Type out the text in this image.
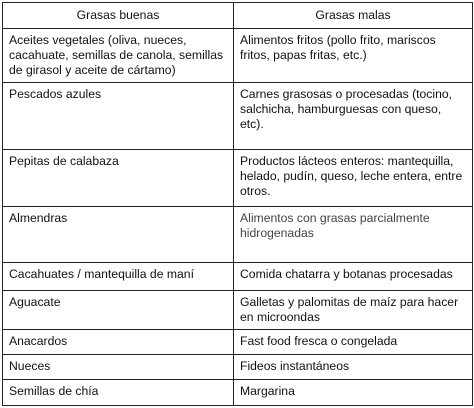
Grasas buenas	Grasas malas
Aceites vegetales (oliva, nueces, cacahuate, semillas de canola, semillas de girasol y aceite de cártamo)	Alimentos fritos (pollo frito, mariscos fritos, papas fritas, etc.)
Pescados azules	Carnes grasosas o procesadas (tocino, salchicha, hamburguesas con queso, etc).
Pepitas de calabaza	Productos lácteos enteros: mantequilla, helado, pudín, queso, leche entera, entre otros.
Almendras	Alimentos con grasas parcialmente hidrogenadas
Cacahuates / mantequilla de maní	Comida chatarra y botanas procesadas
Aguacate	Galletas y palomitas de maíz para hacer en microondas
Anacardos	Fast food fresca o congelada
Nueces	Fideos instantáneos
Semillas de chía	Margarina
